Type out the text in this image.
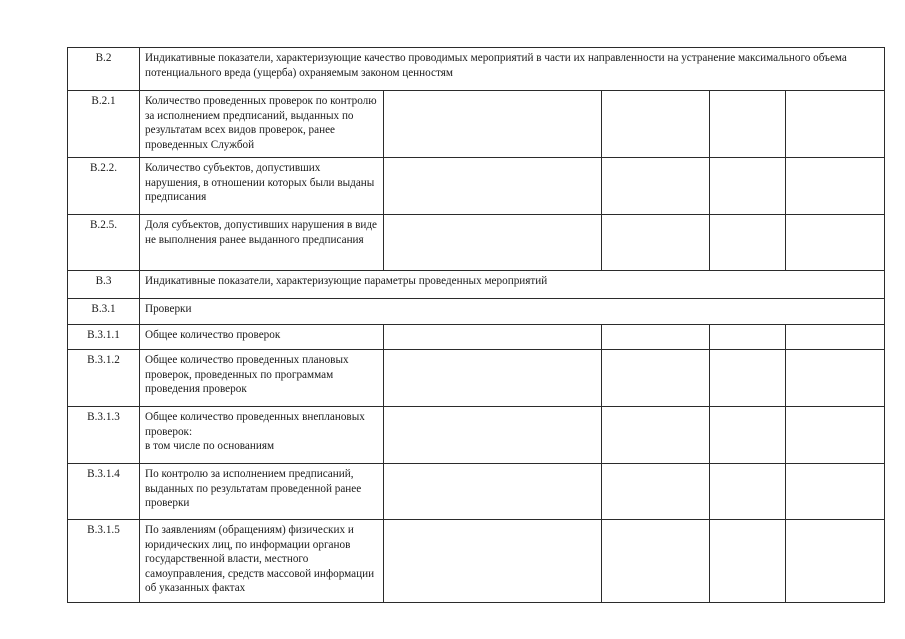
В.2	Индикативные показатели, характеризующие качество проводимых мероприятий в части их направленности на устранение максимального объема потенциального вреда (ущерба) охраняемым законом ценностям				
В.2.1	Количество проведенных проверок по контролю за исполнением предписаний, выданных по результатам всех видов проверок, ранее проведенных Службой				
В.2.2.	Количество субъектов, допустивших нарушения, в отношении которых были выданы предписания				
В.2.5.	Доля субъектов, допустивших нарушения в виде не выполнения ранее выданного предписания				
В.3	Индикативные показатели, характеризующие параметры проведенных мероприятий				
В.3.1	Проверки				
В.3.1.1	Общее количество проверок				
В.3.1.2	Общее количество проведенных плановых проверок, проведенных по программам проведения проверок				
В.3.1.3	Общее количество проведенных внеплановых проверок:
в том числе по основаниям				
В.3.1.4	По контролю за исполнением предписаний, выданных по результатам проведенной ранее проверки				
В.3.1.5	По заявлениям (обращениям) физических и юридических лиц, по информации органов государственной власти, местного самоуправления, средств массовой информации об указанных фактах				
